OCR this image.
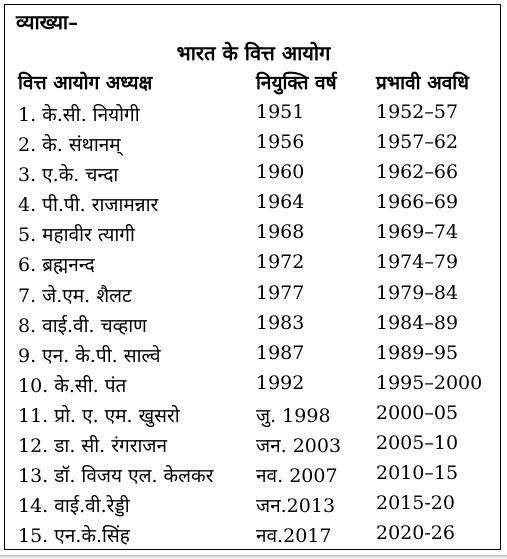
व्याख्या–
भारत के वित्त आयोग
वित्त आयोग अध्यक्ष	नियुक्ति वर्ष प्रभावी अवधि
1. के.सी. नियोगी	1951	1952–57
2. के. संथानम्	1956	1957–62
3. ए.के. चन्दा	1960	1962–66
4. पी.पी. राजामन्नार	1964	1966–69
5. महावीर त्यागी	1968	1969–74
6. ब्रह्मनन्द	1972	1974–79
7. जे.एम. शैलट	1977	1979–84
8. वाई.वी. चव्हाण	1983	1984–89
9. एन. के.पी. साल्वे	1987	1989–95
10. के.सी. पंत	1992	1995–2000
11. प्रो. ए. एम. खुसरो	जु. 1998 2000–05
12. डा. सी. रंगराजन	जन. 2003 2005–10
13. डॉ. विजय एल. केलकर नव. 2007 2010–15
14. वाई.वी.रेड्डी	जन.2013 2015-20
15. एन.के.सिंह	नव.2017 2020-26
